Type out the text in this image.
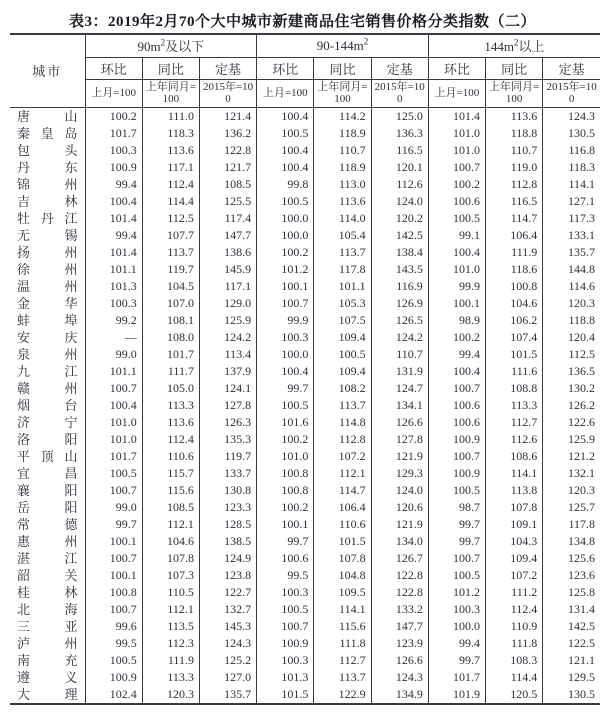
表3：2019年2月70个大中城市新建商品住宅销售价格分类指数（二）
城市	$90m^2$及以下			$90-144m^2$			$144m^2$以上		
	环比	同比	定基	环比	同比	定基	环比	同比	定基
	上月=100	上年同月=100	2015年=100	上月=100	上年同月=100	2015年=100	上月=100	上年同月=100	2015年=100
唐山	100.2	111.0	121.4	100.4	114.2	125.0	101.4	113.6	124.3
秦皇岛	101.7	118.3	136.2	100.5	118.9	136.3	101.0	118.8	130.5
包头	100.3	113.6	122.8	100.4	110.7	116.5	101.0	110.7	116.8
丹东	100.9	117.1	121.7	100.4	118.9	120.1	100.7	119.0	118.3
锦州	99.4	112.4	108.5	99.8	113.0	112.6	100.2	112.8	114.1
吉林	100.4	114.4	125.5	100.5	113.6	124.0	100.6	116.5	127.1
牡丹江	101.4	112.5	117.4	100.0	114.0	120.2	100.5	114.7	117.3
无锡	99.4	107.7	147.7	100.0	105.4	142.5	99.1	106.4	133.1
扬州	101.4	113.7	138.6	100.2	113.7	138.4	100.4	111.9	135.7
徐州	101.1	119.7	145.9	101.2	117.8	143.5	101.0	118.6	144.8
温州	101.3	104.5	117.1	100.1	101.1	116.9	99.9	100.8	114.6
金华	100.3	107.0	129.0	100.7	105.3	126.9	100.1	104.6	120.3
蚌埠	99.2	108.1	125.9	99.9	107.5	126.5	98.9	106.2	118.8
安庆	—	108.0	124.2	100.3	109.4	124.2	100.2	107.4	120.4
泉州	99.0	101.7	113.4	100.0	100.5	110.7	99.4	101.5	112.5
九江	101.1	111.7	137.9	100.4	109.4	131.9	100.4	111.6	136.5
赣州	100.7	105.0	124.1	99.7	108.2	124.7	100.7	108.8	130.2
烟台	100.4	113.3	127.8	100.5	113.7	134.1	100.6	113.3	126.2
济宁	101.0	113.6	126.3	101.6	114.8	126.6	100.6	112.7	122.6
洛阳	101.0	112.4	135.3	100.2	112.8	127.8	100.9	112.6	125.9
平顶山	101.7	110.6	119.7	101.0	107.2	121.9	100.7	108.6	121.2
宜昌	100.5	115.7	133.7	100.8	112.1	129.3	100.9	114.1	132.1
襄阳	100.7	115.6	130.8	100.8	114.7	124.0	100.5	113.8	120.3
岳阳	99.0	108.5	123.3	100.2	106.4	120.6	98.7	107.8	125.7
常德	99.7	112.1	128.5	100.1	110.6	121.9	99.7	109.1	117.8
惠州	100.1	104.6	138.5	99.7	101.5	134.0	99.7	104.3	134.8
湛江	100.7	107.8	124.9	100.6	107.8	126.7	100.7	109.4	125.6
韶关	100.1	107.3	123.8	99.5	104.8	122.8	100.5	107.2	123.6
桂林	100.8	110.5	122.7	100.3	109.5	122.8	101.2	111.2	125.8
北海	100.7	112.1	132.7	100.5	114.1	133.2	100.3	112.4	131.4
三亚	99.6	113.5	145.3	100.7	115.6	147.7	100.0	110.9	142.5
泸州	99.5	112.3	124.3	100.9	111.8	123.9	99.4	111.8	122.5
南充	100.5	111.9	125.2	100.3	112.7	126.6	99.7	108.3	121.1
遵义	100.9	113.3	127.0	101.3	113.7	124.3	101.7	114.4	129.5
大理	102.4	120.3	135.7	101.5	122.9	134.9	101.9	120.5	130.5
